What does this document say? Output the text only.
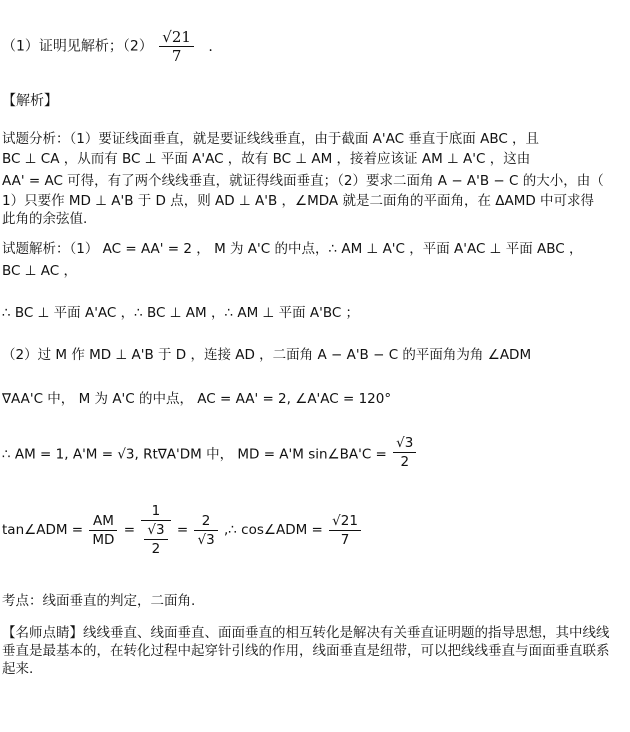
（1）证明见解析；$(2) \frac{√21}{7}$ .
【解析】
试题分析：（1）要证线面垂直，就是要证线线垂直，由于截面 A'AC 垂直于底面 ABC ，且
BC ⊥ CA ，从而有 BC ⊥ 平面 A'AC ，故有 BC ⊥ AM ，接着应该证 AM ⊥ A'C ，这由
AA' = AC 可得，有了两个线线垂直，就证得线面垂直；（2）要求二面角 A − A'B − C 的大小，由（
1）只要作 MD ⊥ A'B 于 D 点，则 AD ⊥ A'B ，∠MDA 就是二面角的平面角，在 ΔAMD 中可求得
此角的余弦值.
试题解析：（1） AC = AA' = 2 ， M 为 A'C 的中点，∴ AM ⊥ A'C ，平面 A'AC ⊥ 平面 ABC ，
BC ⊥ AC ，
∴ BC ⊥ 平面 A'AC ，∴ BC ⊥ AM ，∴ AM ⊥ 平面 A'BC ；
（2）过 M 作 MD ⊥ A'B 于 D ，连接 AD ，二面角 A − A'B − C 的平面角为角 ∠ADM
∇AA'C 中， M 为 A'C 的中点， AC = AA' = 2, ∠A'AC = 120°
∴ AM = 1, A'M = √3, Rt∇A'DM 中， MD = A'M sin∠BA'C = $\frac{√3}{2}$
tan∠ADM = $\frac{AM}{MD} = \frac{1}{\frac{√3}{2}} = \frac{2}{√3}$ ,∴ cos∠ADM = $\frac{√21}{7}$
考点：线面垂直的判定，二面角.
【名师点睛】线线垂直、线面垂直、面面垂直的相互转化是解决有关垂直证明题的指导思想，其中线线
垂直是最基本的，在转化过程中起穿针引线的作用，线面垂直是纽带，可以把线线垂直与面面垂直联系
起来.
